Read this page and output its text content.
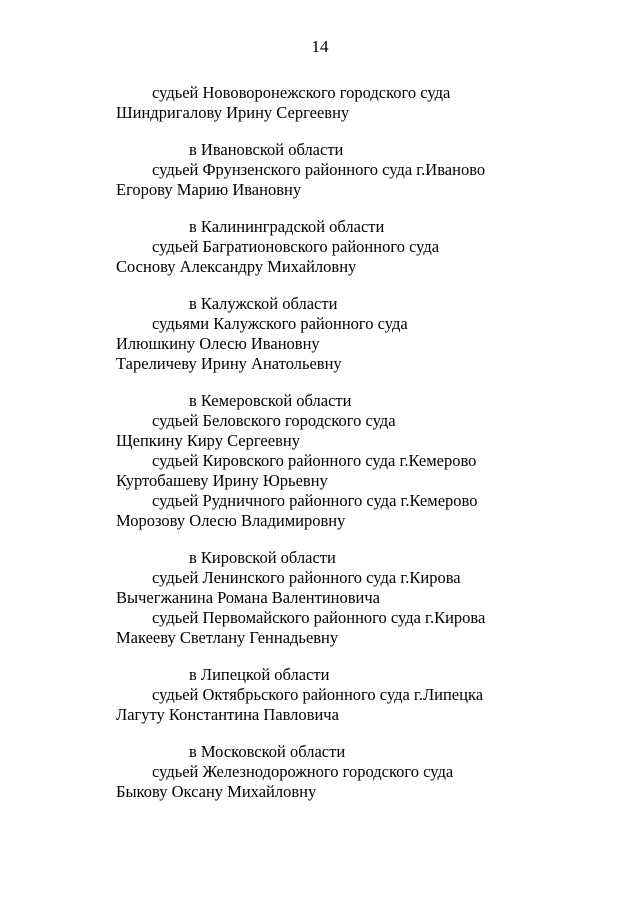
14
судьей Нововоронежского городского суда
Шиндригалову Ирину Сергеевну
в Ивановской области
судьей Фрунзенского районного суда г.Иваново
Егорову Марию Ивановну
в Калининградской области
судьей Багратионовского районного суда
Соснову Александру Михайловну
в Калужской области
судьями Калужского районного суда
Илюшкину Олесю Ивановну
Тареличеву Ирину Анатольевну
в Кемеровской области
судьей Беловского городского суда
Щепкину Киру Сергеевну
судьей Кировского районного суда г.Кемерово
Куртобашеву Ирину Юрьевну
судьей Рудничного районного суда г.Кемерово
Морозову Олесю Владимировну
в Кировской области
судьей Ленинского районного суда г.Кирова
Вычегжанина Романа Валентиновича
судьей Первомайского районного суда г.Кирова
Макееву Светлану Геннадьевну
в Липецкой области
судьей Октябрьского районного суда г.Липецка
Лагуту Константина Павловича
в Московской области
судьей Железнодорожного городского суда
Быкову Оксану Михайловну
